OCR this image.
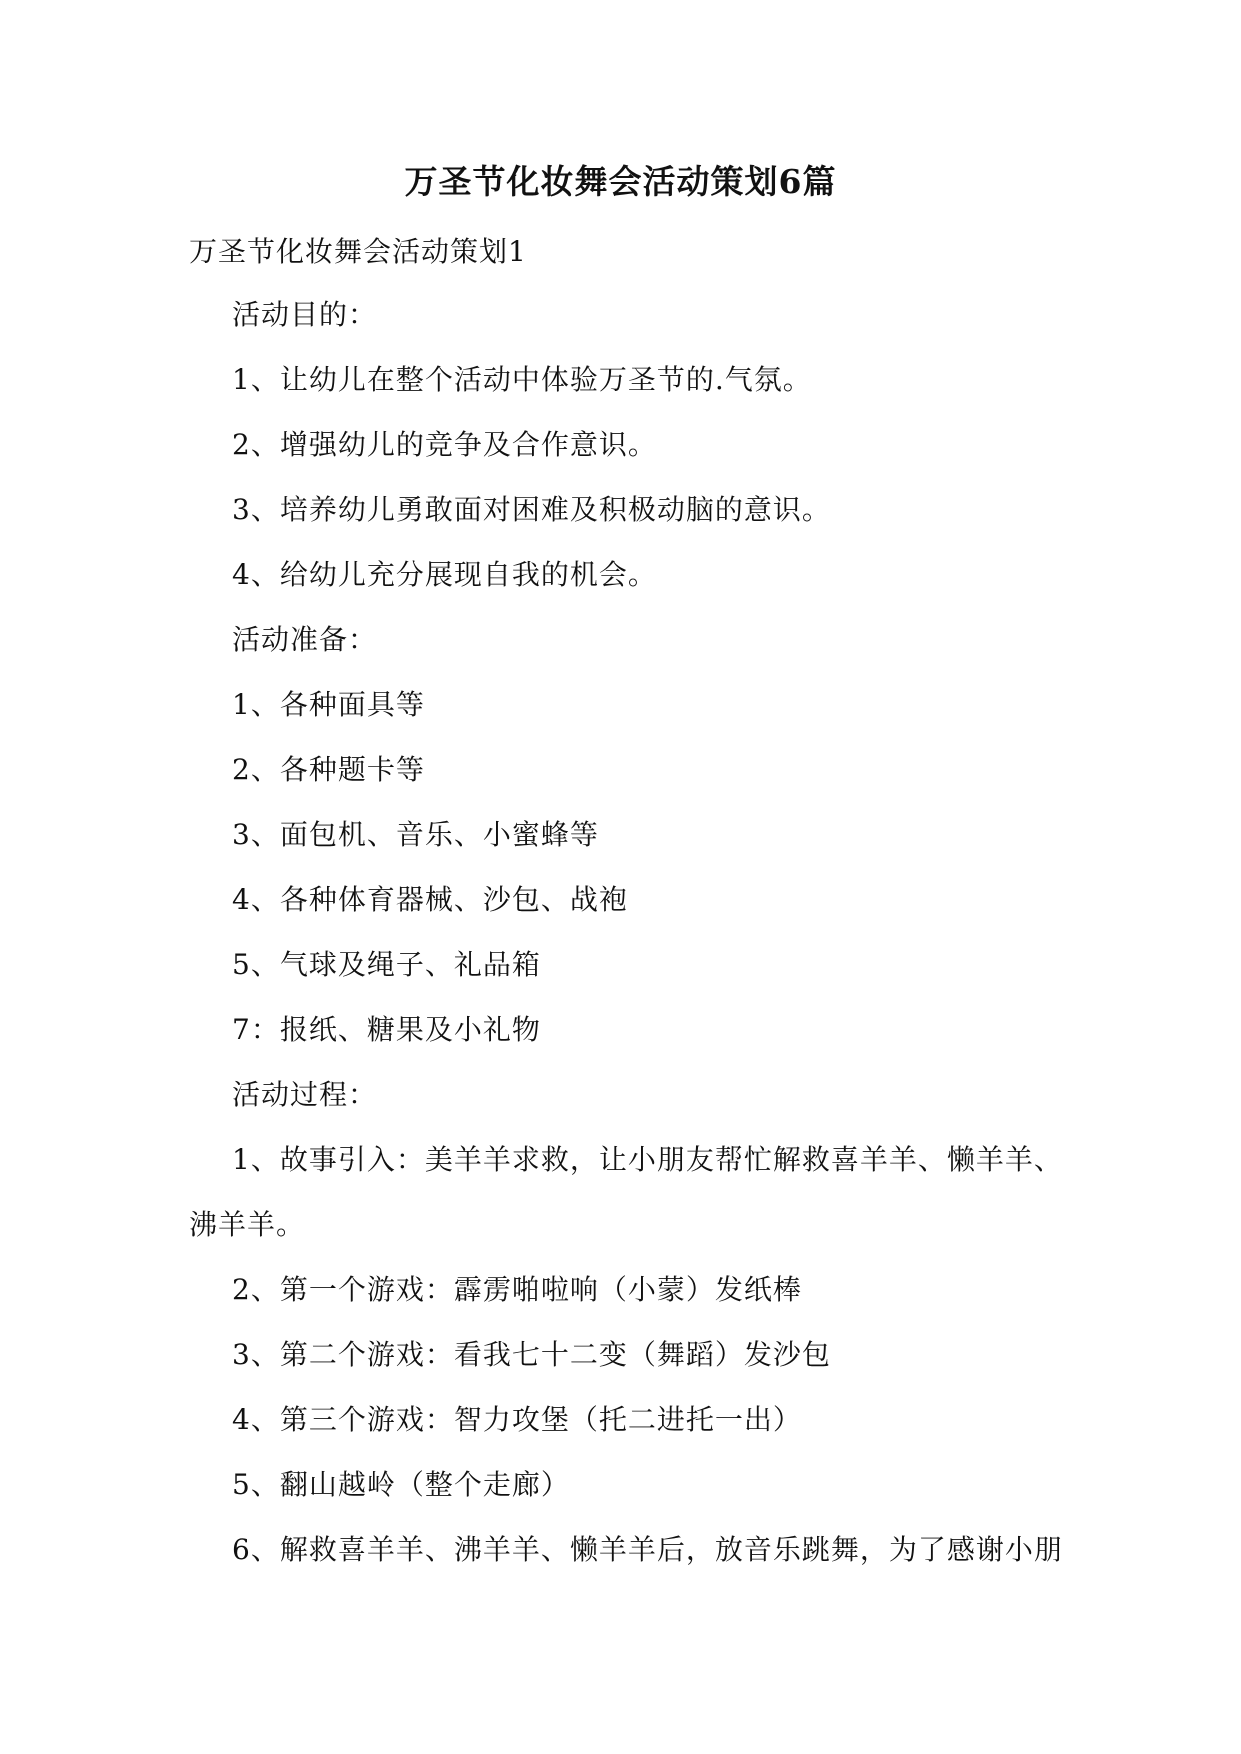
万圣节化妆舞会活动策划6篇
万圣节化妆舞会活动策划1
活动目的：
1、让幼儿在整个活动中体验万圣节的.气氛。
2、增强幼儿的竞争及合作意识。
3、培养幼儿勇敢面对困难及积极动脑的意识。
4、给幼儿充分展现自我的机会。
活动准备：
1、各种面具等
2、各种题卡等
3、面包机、音乐、小蜜蜂等
4、各种体育器械、沙包、战袍
5、气球及绳子、礼品箱
7：报纸、糖果及小礼物
活动过程：
1、故事引入：美羊羊求救，让小朋友帮忙解救喜羊羊、懒羊羊、
沸羊羊。
2、第一个游戏：霹雳啪啦响（小蒙）发纸棒
3、第二个游戏：看我七十二变（舞蹈）发沙包
4、第三个游戏：智力攻堡（托二进托一出）
5、翻山越岭（整个走廊）
6、解救喜羊羊、沸羊羊、懒羊羊后，放音乐跳舞，为了感谢小朋
